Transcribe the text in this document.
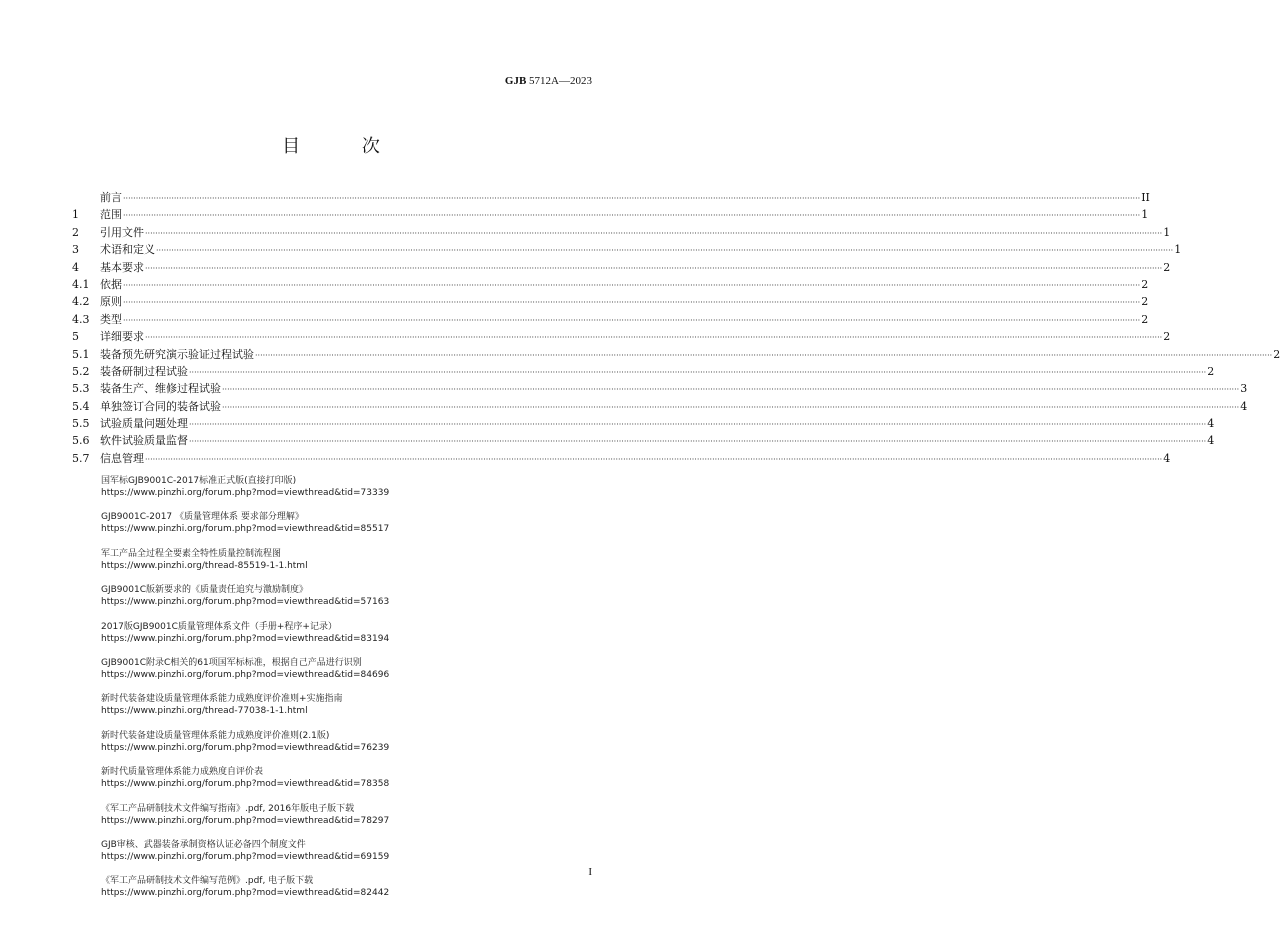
GJB 5712A—2023
目 次
前言 ················································································································································································································································································································································································································ II
1	范围 ················································································································································································································································································································································································································ 1
2	引用文件 ················································································································································································································································································································································································································ 1
3	术语和定义 ················································································································································································································································································································································································································ 1
4	基本要求 ················································································································································································································································································································································································································ 2
4.1 依据 ················································································································································································································································································································································································································ 2
4.2 原则 ················································································································································································································································································································································································································ 2
4.3 类型 ················································································································································································································································································································································································································ 2
5	详细要求 ················································································································································································································································································································································································································ 2
5.1 装备预先研究演示验证过程试验 ················································································································································································································································································································································································································ 2
5.2 装备研制过程试验 ················································································································································································································································································································································································································ 2
5.3 装备生产、维修过程试验 ················································································································································································································································································································································································································ 3
5.4 单独签订合同的装备试验 ················································································································································································································································································································································································································ 4
5.5 试验质量问题处理 ················································································································································································································································································································································································································ 4
5.6 软件试验质量监督 ················································································································································································································································································································································································································ 4
5.7 信息管理 ················································································································································································································································································································································································································ 4
国军标GJB9001C-2017标准正式版(直接打印版)
https://www.pinzhi.org/forum.php?mod=viewthread&tid=73339
GJB9001C-2017 《质量管理体系 要求部分理解》
https://www.pinzhi.org/forum.php?mod=viewthread&tid=85517
军工产品全过程全要素全特性质量控制流程图
https://www.pinzhi.org/thread-85519-1-1.html
GJB9001C版新要求的《质量责任追究与激励制度》
https://www.pinzhi.org/forum.php?mod=viewthread&tid=57163
2017版GJB9001C质量管理体系文件（手册+程序+记录）
https://www.pinzhi.org/forum.php?mod=viewthread&tid=83194
GJB9001C附录C相关的61项国军标标准，根据自己产品进行识别
https://www.pinzhi.org/forum.php?mod=viewthread&tid=84696
新时代装备建设质量管理体系能力成熟度评价准则+实施指南
https://www.pinzhi.org/thread-77038-1-1.html
新时代装备建设质量管理体系能力成熟度评价准则(2.1版)
https://www.pinzhi.org/forum.php?mod=viewthread&tid=76239
新时代质量管理体系能力成熟度自评价表
https://www.pinzhi.org/forum.php?mod=viewthread&tid=78358
《军工产品研制技术文件编写指南》.pdf, 2016年版电子版下载
https://www.pinzhi.org/forum.php?mod=viewthread&tid=78297
GJB审核、武器装备承制资格认证必备四个制度文件
https://www.pinzhi.org/forum.php?mod=viewthread&tid=69159
《军工产品研制技术文件编写范例》.pdf, 电子版下载
https://www.pinzhi.org/forum.php?mod=viewthread&tid=82442
I
